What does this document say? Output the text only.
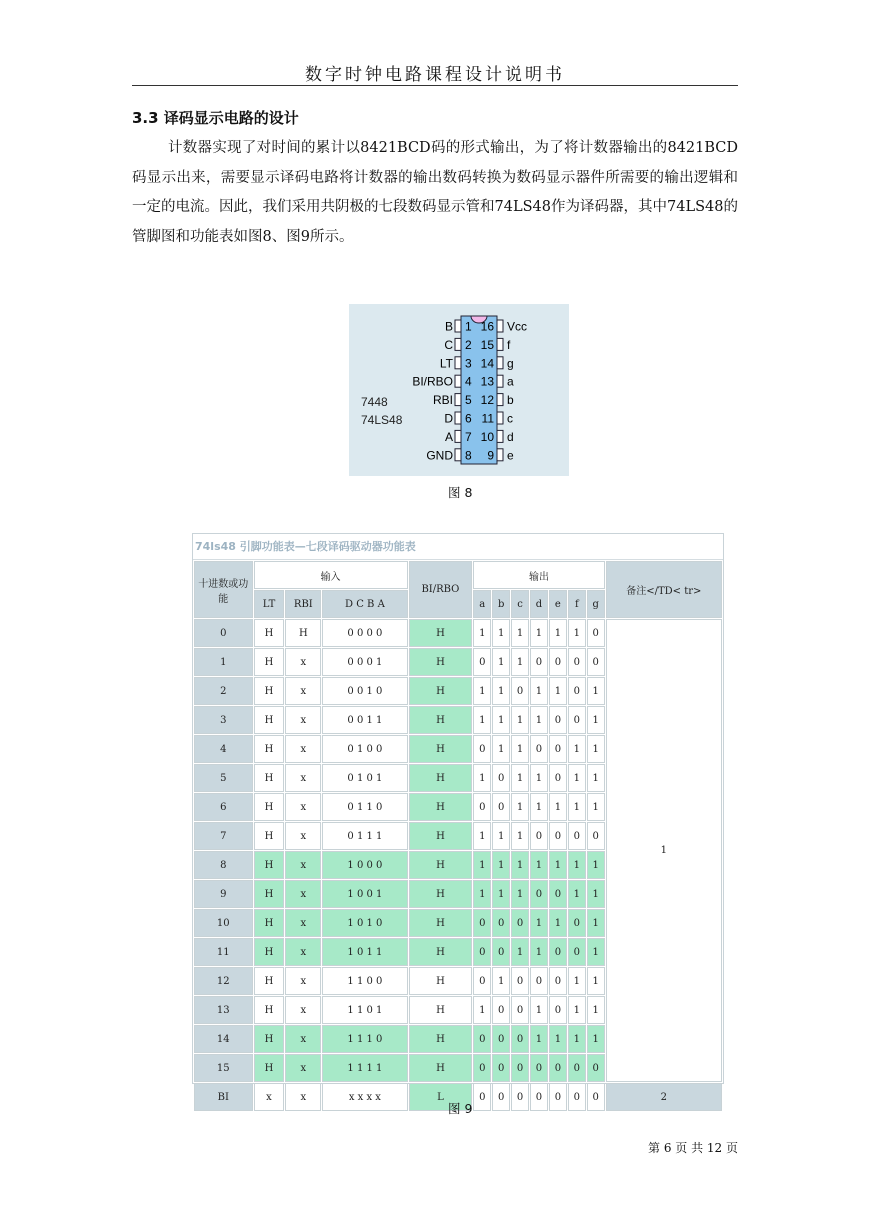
数字时钟电路课程设计说明书
3.3 译码显示电路的设计

计数器实现了对时间的累计以8421BCD码的形式输出，为了将计数器输出的8421BCD码显示出来，需要显示译码电路将计数器的输出数码转换为数码显示器件所需要的输出逻辑和一定的电流。因此，我们采用共阴极的七段数码显示管和74LS48作为译码器，其中74LS48的管脚图和功能表如图8、图9所示。

B 1
C 2
LT 3
BI/RBO 4
RBI 5
D 6
A 7
GND 8
16 Vcc
15 f
14 g
13 a
12 b
11 c
10 d
9 e
7448
74LS48
图 8
74ls48 引脚功能表—七段译码驱动器功能表
十进数或功能	输入			BI/RBO	输出							备注</TD< tr>
	LT	RBI	D C B A		a	b	c	d	e	f	g	
0	H	H	0 0 0 0	H	1	1	1	1	1	1	0	1
1	H	x	0 0 0 1	H	0	1	1	0	0	0	0	
2	H	x	0 0 1 0	H	1	1	0	1	1	0	1	
3	H	x	0 0 1 1	H	1	1	1	1	0	0	1	
4	H	x	0 1 0 0	H	0	1	1	0	0	1	1	
5	H	x	0 1 0 1	H	1	0	1	1	0	1	1	
6	H	x	0 1 1 0	H	0	0	1	1	1	1	1	
7	H	x	0 1 1 1	H	1	1	1	0	0	0	0	
8	H	x	1 0 0 0	H	1	1	1	1	1	1	1	
9	H	x	1 0 0 1	H	1	1	1	0	0	1	1	
10	H	x	1 0 1 0	H	0	0	0	1	1	0	1	
11	H	x	1 0 1 1	H	0	0	1	1	0	0	1	
12	H	x	1 1 0 0	H	0	1	0	0	0	1	1	
13	H	x	1 1 0 1	H	1	0	0	1	0	1	1	
14	H	x	1 1 1 0	H	0	0	0	1	1	1	1	
15	H	x	1 1 1 1	H	0	0	0	0	0	0	0	
BI	x	x	x x x x	L	0	0	0	0	0	0	0	2
图 9
第 6 页 共 12 页
